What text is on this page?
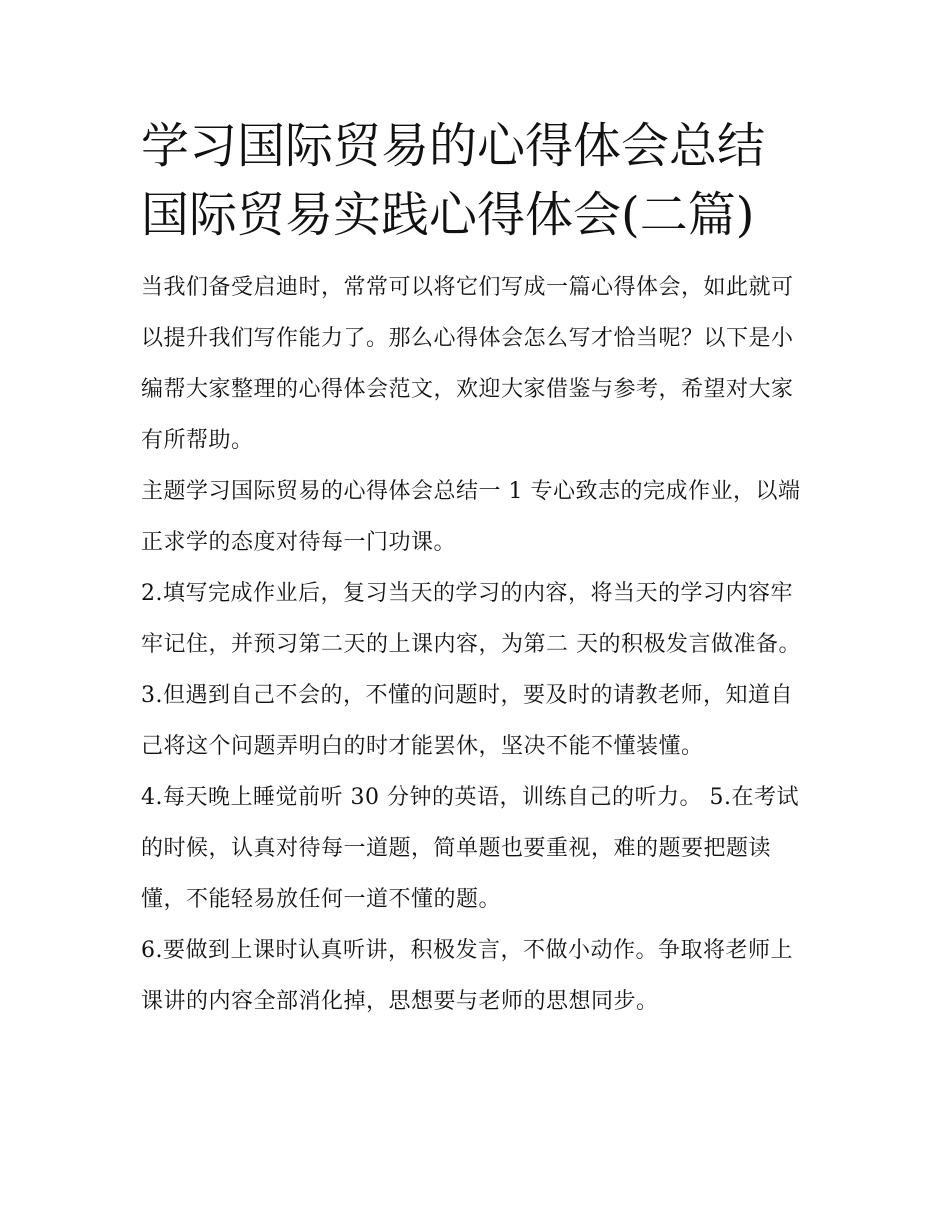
学习国际贸易的心得体会总结
国际贸易实践心得体会(二篇)

当我们备受启迪时，常常可以将它们写成一篇心得体会，如此就可以提升我们写作能力了。那么心得体会怎么写才恰当呢？以下是小编帮大家整理的心得体会范文，欢迎大家借鉴与参考，希望对大家有所帮助。

主题学习国际贸易的心得体会总结一 1 专心致志的完成作业，以端正求学的态度对待每一门功课。

2.填写完成作业后，复习当天的学习的内容，将当天的学习内容牢牢记住，并预习第二天的上课内容，为第二 天的积极发言做准备。

3.但遇到自己不会的，不懂的问题时，要及时的请教老师，知道自己将这个问题弄明白的时才能罢休，坚决不能不懂装懂。

4.每天晚上睡觉前听 30 分钟的英语，训练自己的听力。 5.在考试的时候，认真对待每一道题，简单题也要重视，难的题要把题读懂，不能轻易放任何一道不懂的题。

6.要做到上课时认真听讲，积极发言，不做小动作。争取将老师上课讲的内容全部消化掉，思想要与老师的思想同步。
